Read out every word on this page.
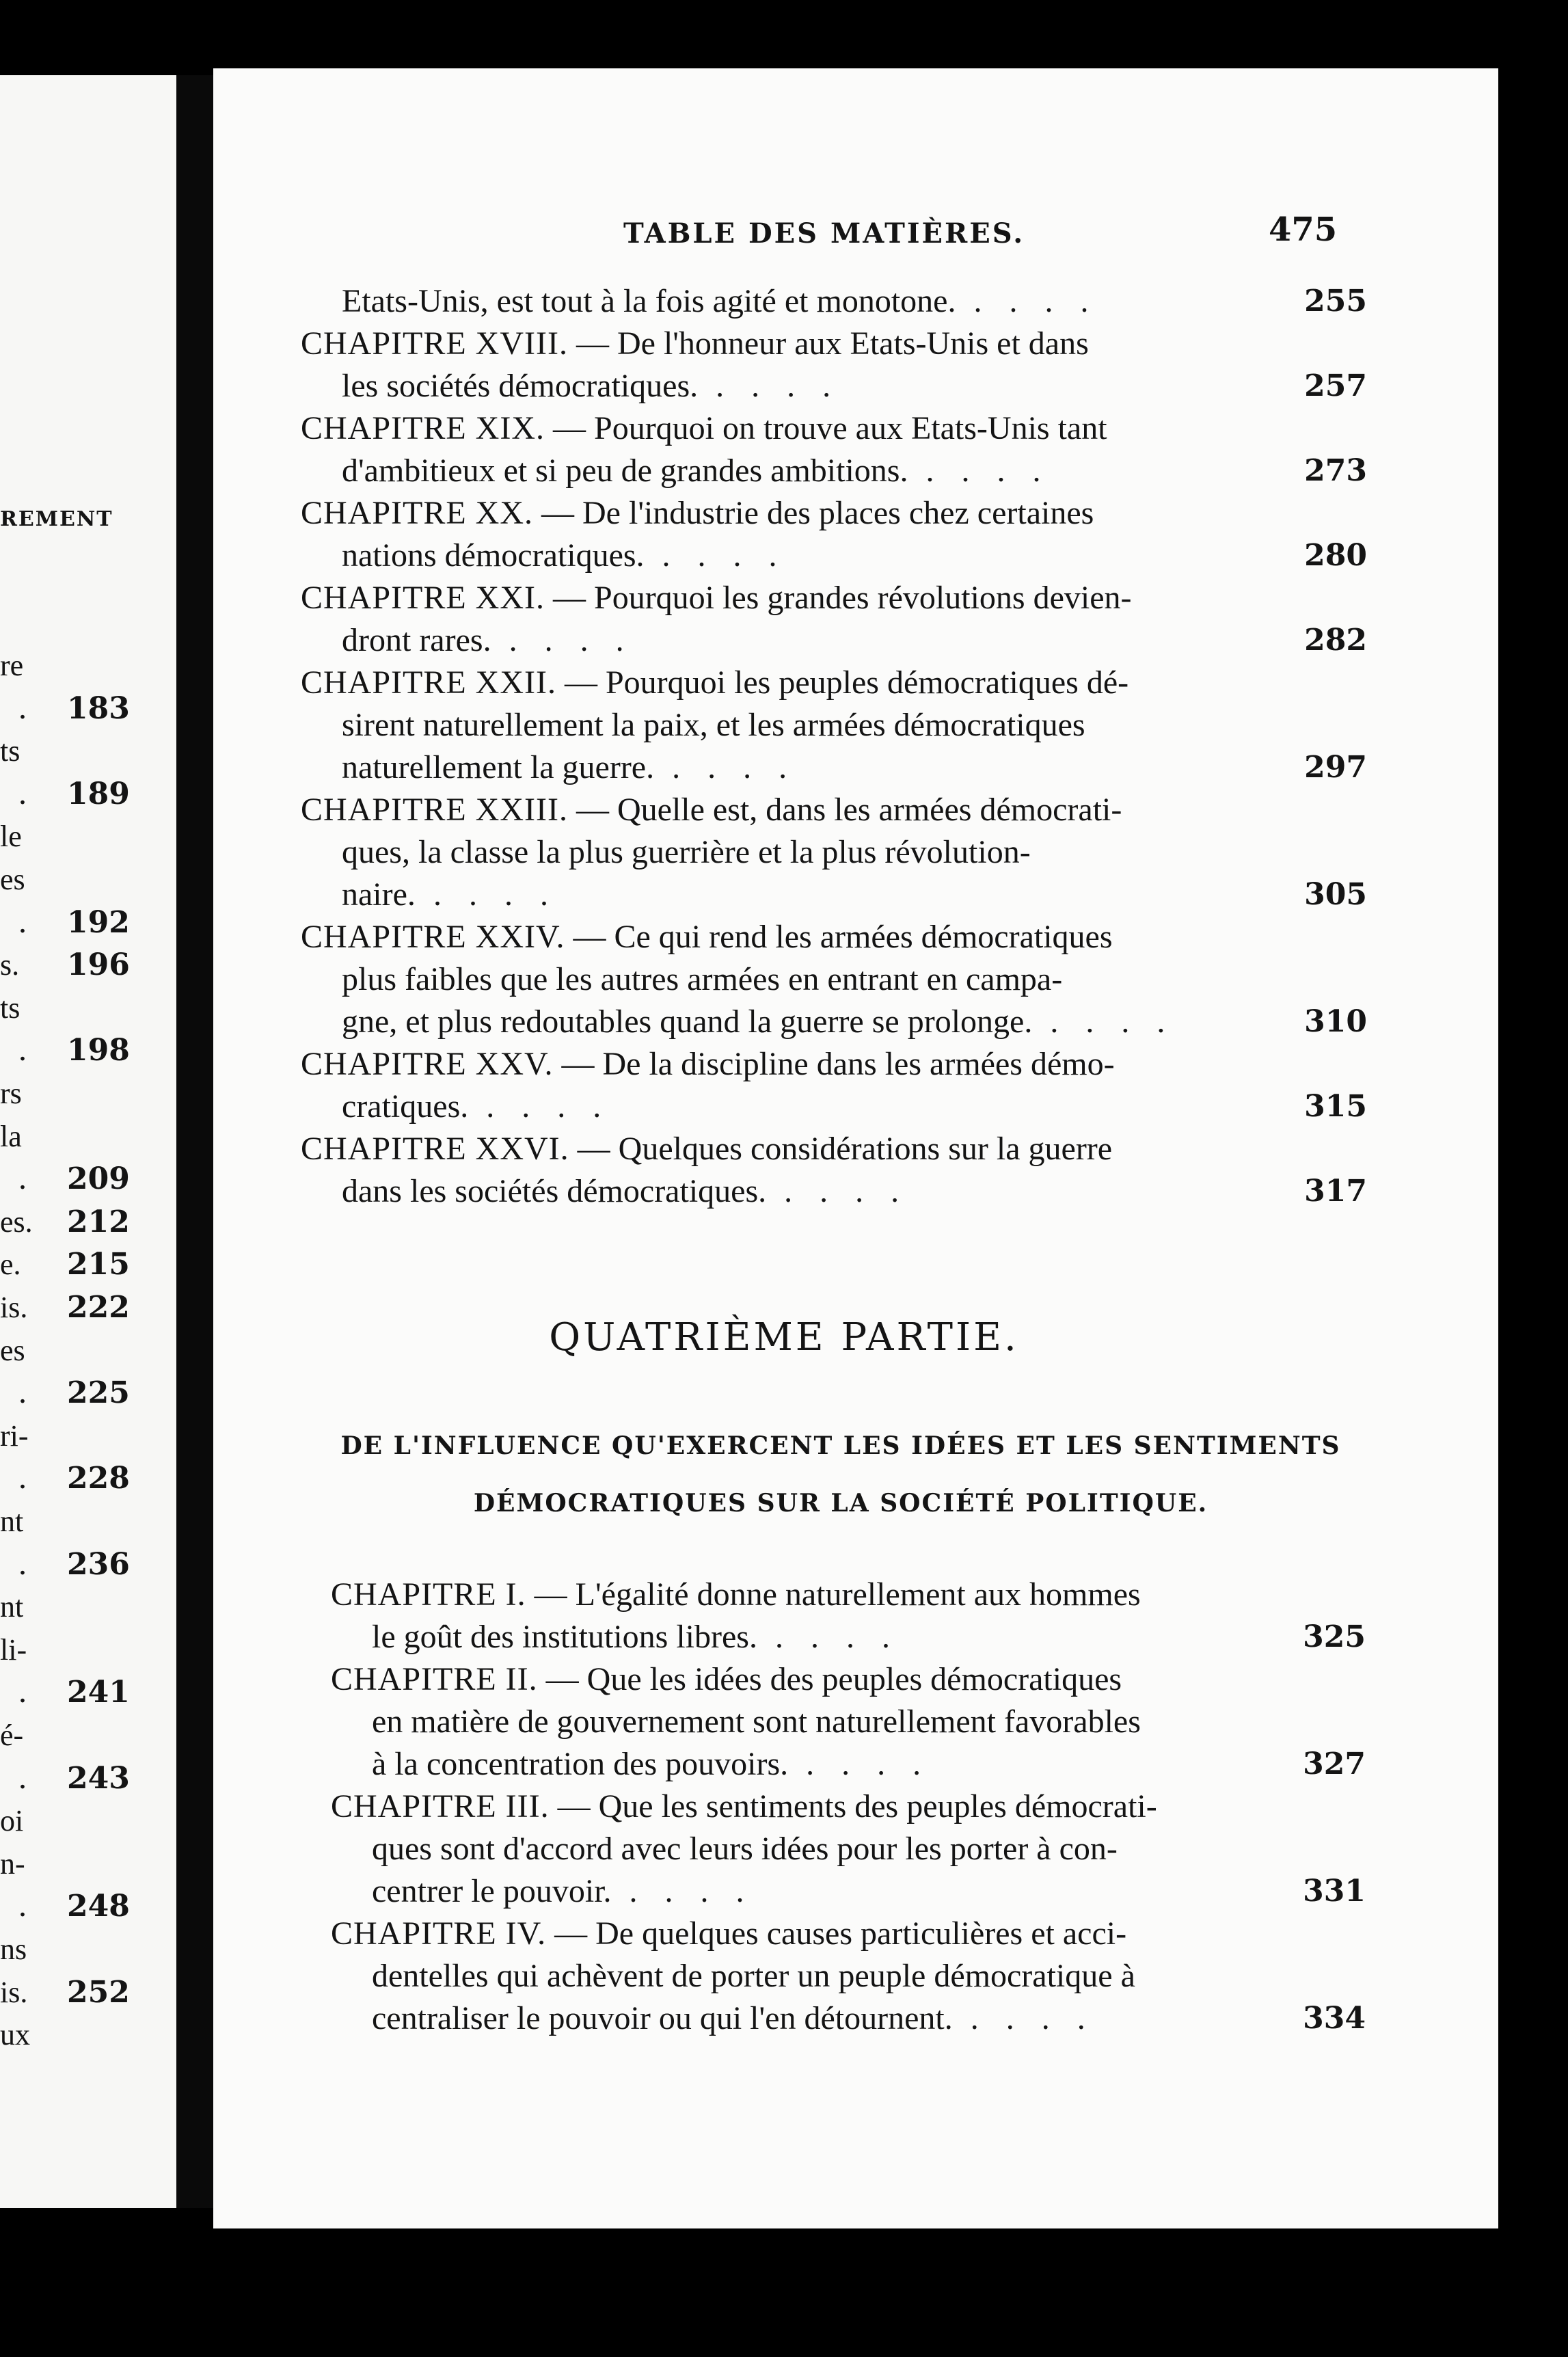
REMENT
re
. 183
ts
. 189
le
es
. 192
s.	196
ts
. 198
rs
la
. 209
es.	212
e.	215
is.	222
es
. 225
ri-
. 228
nt
. 236
nt
li-
. 241
é-
. 243
oi
n-
. 248
ns
is.	252
ux
TABLE DES MATIÈRES.	475
Etats-Unis, est tout à la fois agité et monotone. . . . .	255
CHAPITRE XVIII. — De l'honneur aux Etats-Unis et dans
les sociétés démocratiques. . . . .	257
CHAPITRE XIX. — Pourquoi on trouve aux Etats-Unis tant
d'ambitieux et si peu de grandes ambitions. . . . .	273
CHAPITRE XX. — De l'industrie des places chez certaines
nations démocratiques. . . . .	280
CHAPITRE XXI. — Pourquoi les grandes révolutions devien-
dront rares. . . . .	282
CHAPITRE XXII. — Pourquoi les peuples démocratiques dé-
sirent naturellement la paix, et les armées démocratiques
naturellement la guerre. . . . .	297
CHAPITRE XXIII. — Quelle est, dans les armées démocrati-
ques, la classe la plus guerrière et la plus révolution-
naire. . . . .	305
CHAPITRE XXIV. — Ce qui rend les armées démocratiques
plus faibles que les autres armées en entrant en campa-
gne, et plus redoutables quand la guerre se prolonge. . . . .	310
CHAPITRE XXV. — De la discipline dans les armées démo-
cratiques. . . . .	315
CHAPITRE XXVI. — Quelques considérations sur la guerre
dans les sociétés démocratiques. . . . .	317
QUATRIÈME PARTIE.
DE L'INFLUENCE QU'EXERCENT LES IDÉES ET LES SENTIMENTS
DÉMOCRATIQUES SUR LA SOCIÉTÉ POLITIQUE.
CHAPITRE I. — L'égalité donne naturellement aux hommes
le goût des institutions libres. . . . .	325
CHAPITRE II. — Que les idées des peuples démocratiques
en matière de gouvernement sont naturellement favorables
à la concentration des pouvoirs. . . . .	327
CHAPITRE III. — Que les sentiments des peuples démocrati-
ques sont d'accord avec leurs idées pour les porter à con-
centrer le pouvoir. . . . .	331
CHAPITRE IV. — De quelques causes particulières et acci-
dentelles qui achèvent de porter un peuple démocratique à
centraliser le pouvoir ou qui l'en détournent. . . . .	334
